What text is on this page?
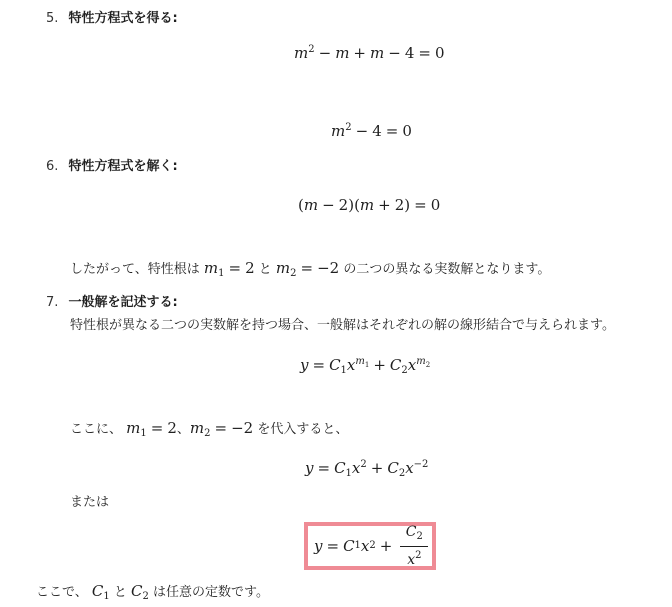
5. 特性方程式を得る:
$m^2 - m + m - 4 = 0$
$m^2 - 4 = 0$
6. 特性方程式を解く:
(m − 2)(m + 2) = 0
したがって、特性根は $m_1 = 2$ と $m_2 = -2$ の二つの異なる実数解となります。
7. 一般解を記述する:
特性根が異なる二つの実数解を持つ場合、一般解はそれぞれの解の線形結合で与えられます。
$y = C_1x^{m_1} + C_2x^{m_2}$
ここに、 $m_1 = 2$、$m_2 = -2$ を代入すると、
$y = C_1x^2 + C_2x^{-2}$
または
y = C 1 x $2 + \frac{C_2}{x^2}$
ここで、 $C_1$ と $C_2$ は任意の定数です。
